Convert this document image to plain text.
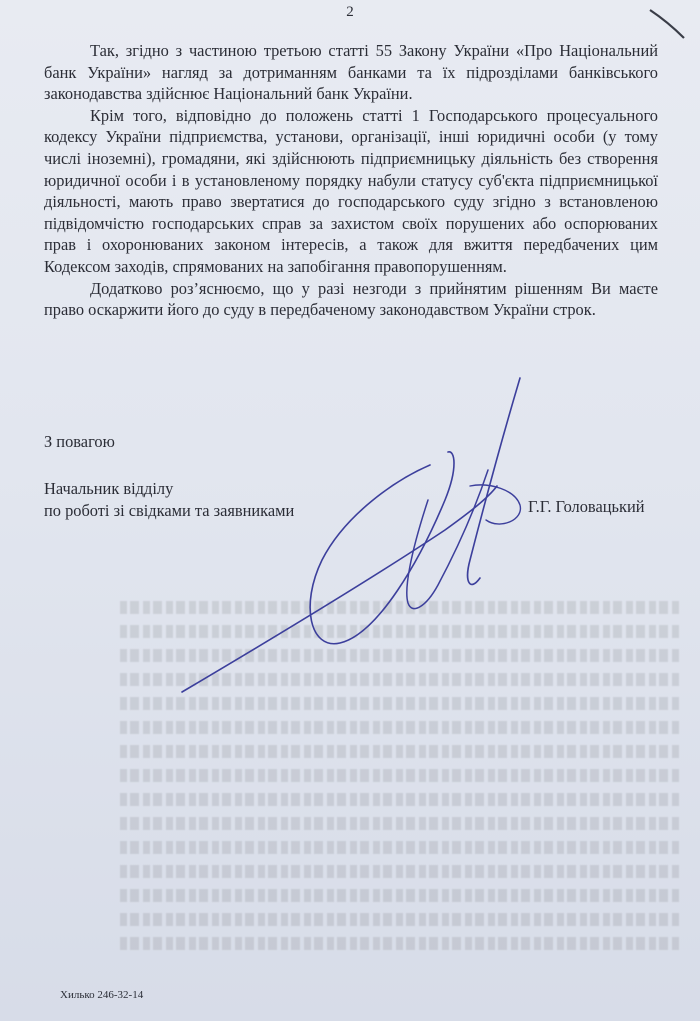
2

Так, згідно з частиною третьою статті 55 Закону України «Про Національний банк України» нагляд за дотриманням банками та їх підрозділами банківського законодавства здійснює Національний банк України.

Крім того, відповідно до положень статті 1 Господарського процесуального кодексу України підприємства, установи, організації, інші юридичні особи (у тому числі іноземні), громадяни, які здійснюють підприємницьку діяльність без створення юридичної особи і в установленому порядку набули статусу суб'єкта підприємницької діяльності, мають право звертатися до господарського суду згідно з встановленою підвідомчістю господарських справ за захистом своїх порушених або оспорюваних прав і охоронюваних законом інтересів, а також для вжиття передбачених цим Кодексом заходів, спрямованих на запобігання правопорушенням.

Додатково роз’яснюємо, що у разі незгоди з прийнятим рішенням Ви маєте право оскаржити його до суду в передбаченому законодавством України строк.

З повагою
Начальник відділу
по роботі зі свідками та заявниками	Г.Г. Головацький
Хилько 246-32-14
